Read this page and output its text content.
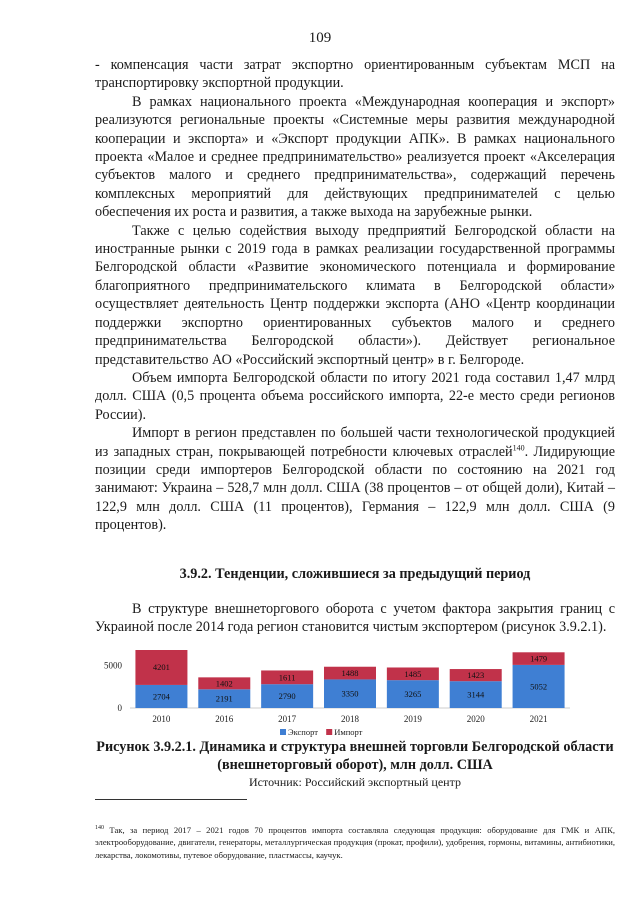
109

- компенсация части затрат экспортно ориентированным субъектам МСП на транспортировку экспортной продукции.

В рамках национального проекта «Международная кооперация и экспорт» реализуются региональные проекты «Системные меры развития международной кооперации и экспорта» и «Экспорт продукции АПК». В рамках национального проекта «Малое и среднее предпринимательство» реализуется проект «Акселерация субъектов малого и среднего предпринимательства», содержащий перечень комплексных мероприятий для действующих предпринимателей с целью обеспечения их роста и развития, а также выхода на зарубежные рынки.

Также с целью содействия выходу предприятий Белгородской области на иностранные рынки с 2019 года в рамках реализации государственной программы Белгородской области «Развитие экономического потенциала и формирование благоприятного предпринимательского климата в Белгородской области» осуществляет деятельность Центр поддержки экспорта (АНО «Центр координации поддержки экспортно ориентированных субъектов малого и среднего предпринимательства Белгородской области»). Действует региональное представительство АО «Российский экспортный центр» в г. Белгороде.

Объем импорта Белгородской области по итогу 2021 года составил 1,47 млрд долл. США (0,5 процента объема российского импорта, 22-е место среди регионов России).

Импорт в регион представлен по большей части технологической продукцией из западных стран, покрывающей потребности ключевых отраслей$^{140}$. Лидирующие позиции среди импортеров Белгородской области по состоянию на 2021 год занимают: Украина – 528,7 млн долл. США (38 процентов – от общей доли), Китай – 122,9 млн долл. США (11 процентов), Германия – 122,9 млн долл. США (9 процентов).

3.9.2. Тенденции, сложившиеся за предыдущий период

В структуре внешнеторгового оборота с учетом фактора закрытия границ с Украиной после 2014 года регион становится чистым экспортером (рисунок 3.9.2.1).

0
5000
2704
4201
2010
2191
1402
2016
2790
1611
2017
3350
1488
2018
3265
1485
2019
3144
1423
2020
5052
1479
2021
Экспорт Импорт
Рисунок 3.9.2.1. Динамика и структура внешней торговли Белгородской области (внешнеторговый оборот), млн долл. США
Источник: Российский экспортный центр
$^{140}$ Так, за период 2017 – 2021 годов 70 процентов импорта составляла следующая продукция: оборудование для ГМК и АПК, электрооборудование, двигатели, генераторы, металлургическая продукция (прокат, профили), удобрения, гормоны, витамины, антибиотики, лекарства, локомотивы, путевое оборудование, пластмассы, каучук.
